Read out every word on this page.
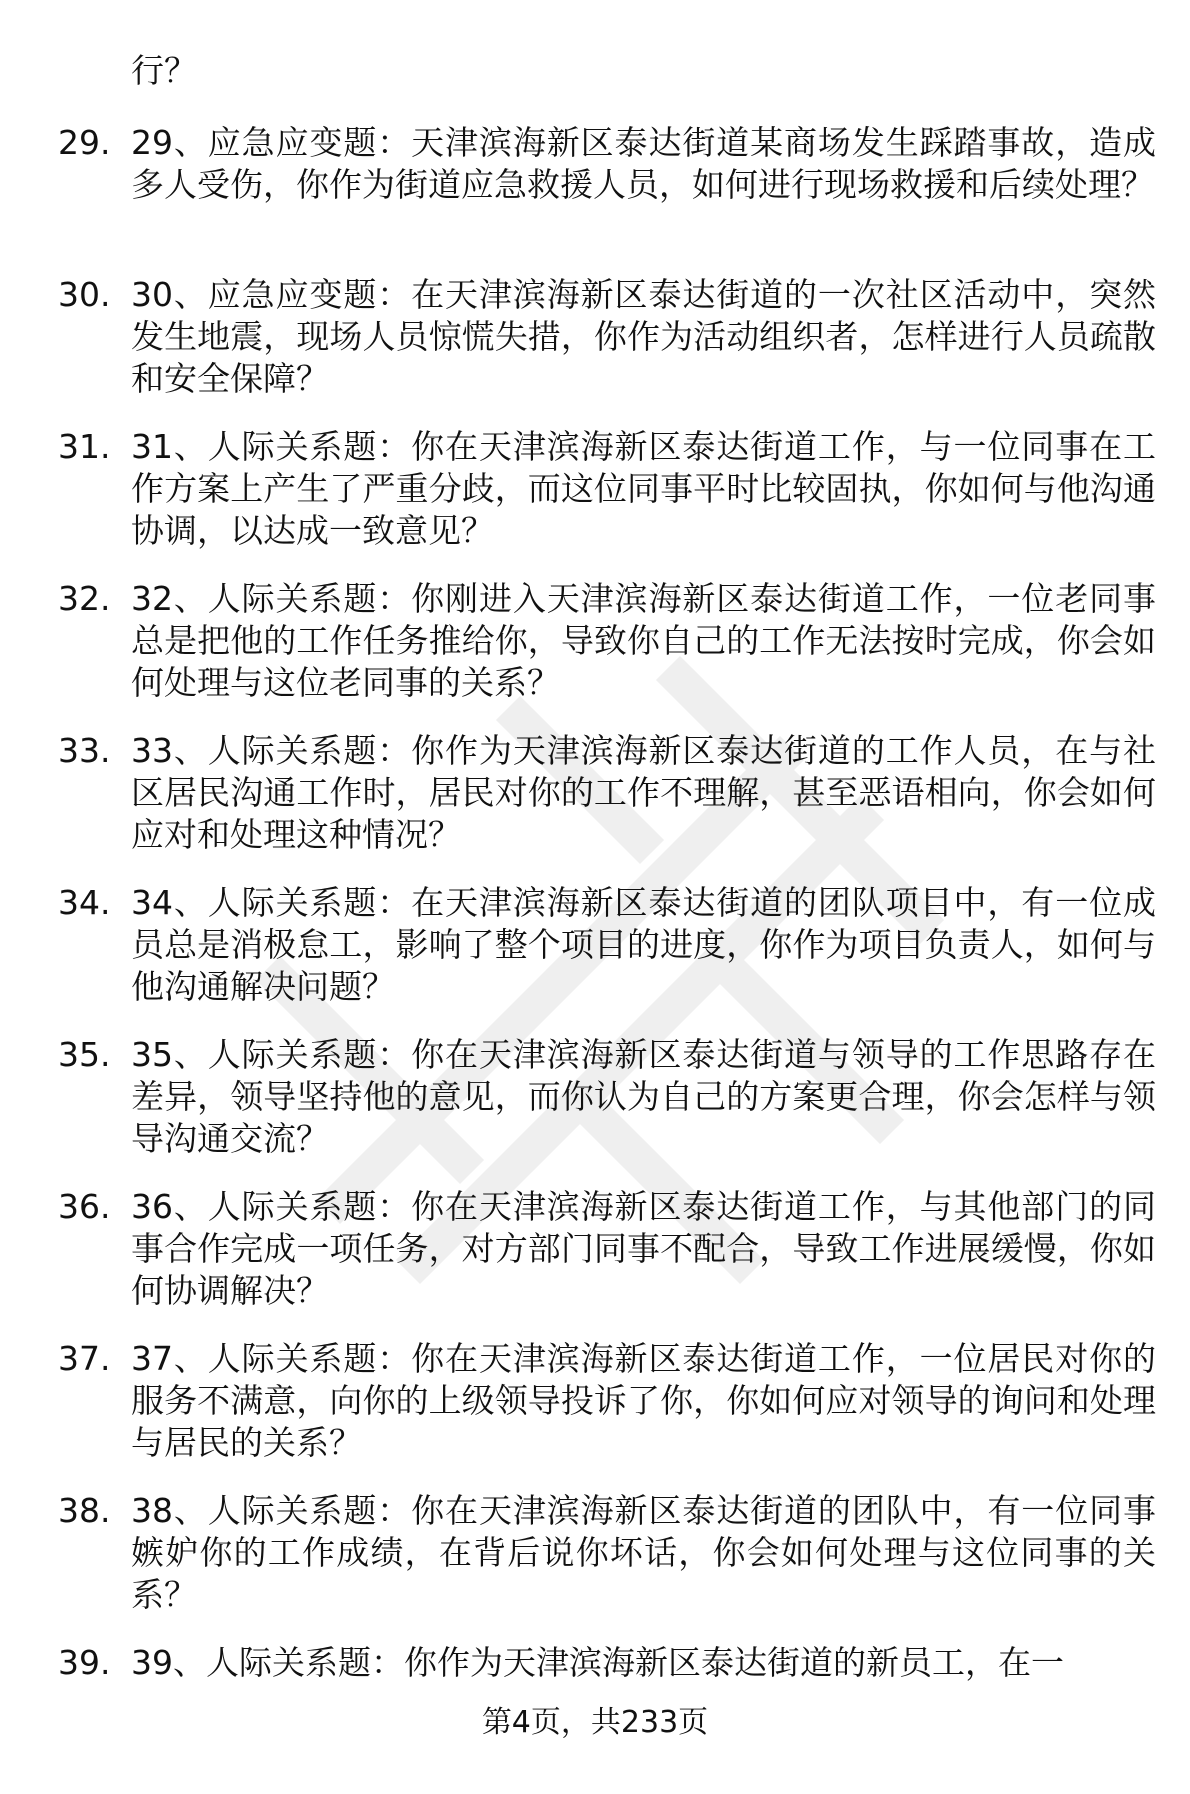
行？
29. 29、应急应变题：天津滨海新区泰达街道某商场发生踩踏事故，造成多人受伤，你作为街道应急救援人员，如何进行现场救援和后续处理？
30. 30、应急应变题：在天津滨海新区泰达街道的一次社区活动中，突然发生地震，现场人员惊慌失措，你作为活动组织者，怎样进行人员疏散和安全保障？
31. 31、人际关系题：你在天津滨海新区泰达街道工作，与一位同事在工作方案上产生了严重分歧，而这位同事平时比较固执，你如何与他沟通协调，以达成一致意见？
32. 32、人际关系题：你刚进入天津滨海新区泰达街道工作，一位老同事总是把他的工作任务推给你，导致你自己的工作无法按时完成，你会如何处理与这位老同事的关系？
33. 33、人际关系题：你作为天津滨海新区泰达街道的工作人员，在与社区居民沟通工作时，居民对你的工作不理解，甚至恶语相向，你会如何应对和处理这种情况？
34. 34、人际关系题：在天津滨海新区泰达街道的团队项目中，有一位成员总是消极怠工，影响了整个项目的进度，你作为项目负责人，如何与他沟通解决问题？
35. 35、人际关系题：你在天津滨海新区泰达街道与领导的工作思路存在差异，领导坚持他的意见，而你认为自己的方案更合理，你会怎样与领导沟通交流？
36. 36、人际关系题：你在天津滨海新区泰达街道工作，与其他部门的同事合作完成一项任务，对方部门同事不配合，导致工作进展缓慢，你如何协调解决？
37. 37、人际关系题：你在天津滨海新区泰达街道工作，一位居民对你的服务不满意，向你的上级领导投诉了你，你如何应对领导的询问和处理与居民的关系？
38. 38、人际关系题：你在天津滨海新区泰达街道的团队中，有一位同事嫉妒你的工作成绩，在背后说你坏话，你会如何处理与这位同事的关系？
39. 39、人际关系题：你作为天津滨海新区泰达街道的新员工，在一
第4页，共233页
